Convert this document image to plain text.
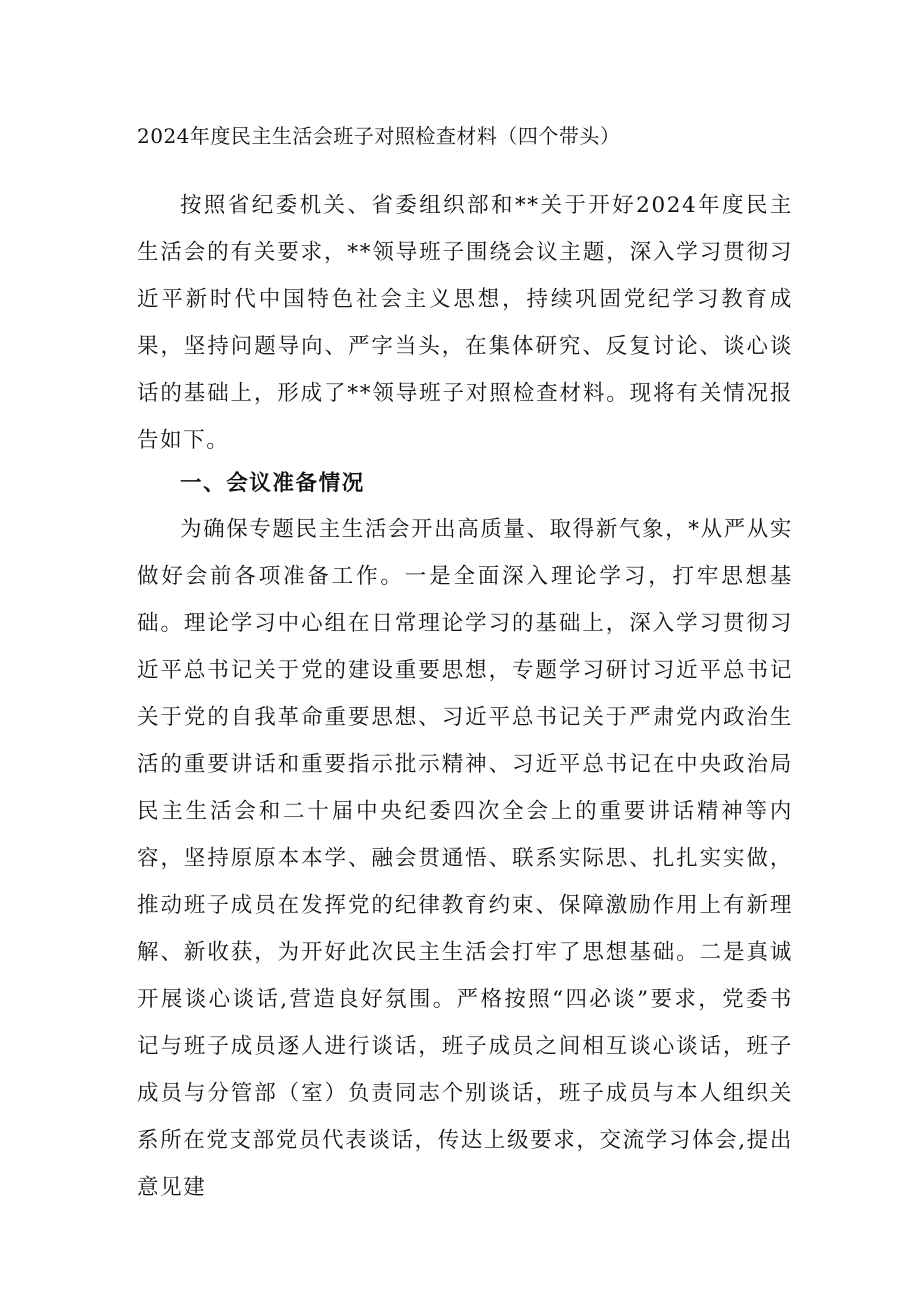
2024年度民主生活会班子对照检查材料（四个带头）

按照省纪委机关、省委组织部和**关于开好2024年度民主生活会的有关要求，**领导班子围绕会议主题，深入学习贯彻习近平新时代中国特色社会主义思想，持续巩固党纪学习教育成果，坚持问题导向、严字当头，在集体研究、反复讨论、谈心谈话的基础上，形成了**领导班子对照检查材料。现将有关情况报告如下。

一、会议准备情况

为确保专题民主生活会开出高质量、取得新气象，*从严从实做好会前各项准备工作。一是全面深入理论学习，打牢思想基础。理论学习中心组在日常理论学习的基础上，深入学习贯彻习近平总书记关于党的建设重要思想，专题学习研讨习近平总书记关于党的自我革命重要思想、习近平总书记关于严肃党内政治生活的重要讲话和重要指示批示精神、习近平总书记在中央政治局民主生活会和二十届中央纪委四次全会上的重要讲话精神等内容，坚持原原本本学、融会贯通悟、联系实际思、扎扎实实做，推动班子成员在发挥党的纪律教育约束、保障激励作用上有新理解、新收获，为开好此次民主生活会打牢了思想基础。二是真诚开展谈心谈话,营造良好氛围。严格按照“四必谈”要求，党委书记与班子成员逐人进行谈话，班子成员之间相互谈心谈话，班子成员与分管部（室）负责同志个别谈话，班子成员与本人组织关系所在党支部党员代表谈话，传达上级要求，交流学习体会,提出意见建
